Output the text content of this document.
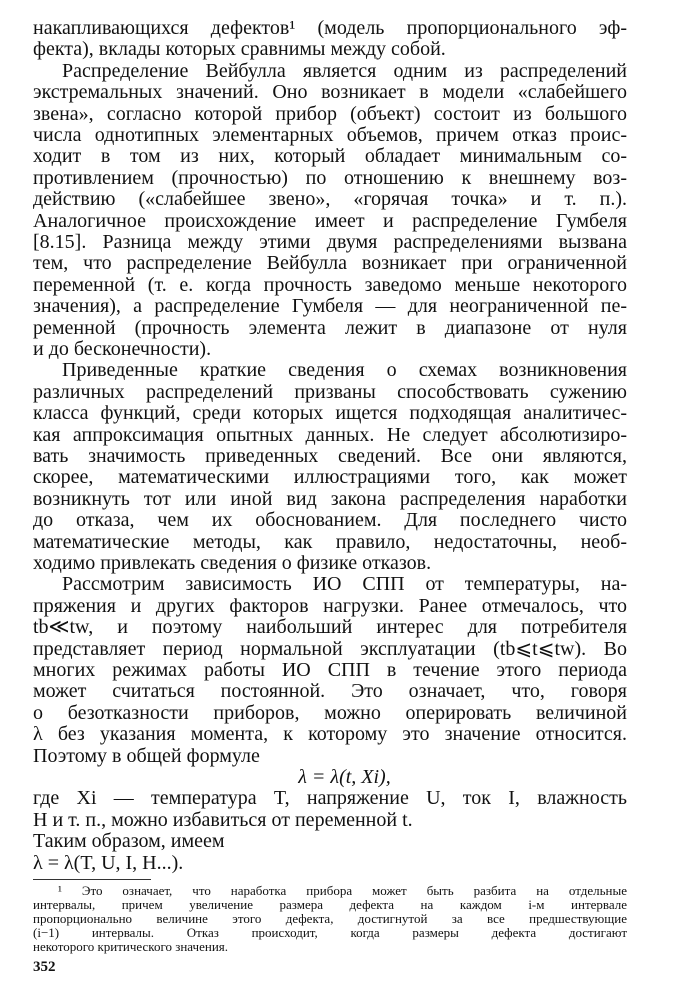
накапливающихся дефектов¹ (модель пропорционального эф-
фекта), вклады которых сравнимы между собой.
Распределение Вейбулла является одним из распределений
экстремальных значений. Оно возникает в модели «слабейшего
звена», согласно которой прибор (объект) состоит из большого
числа однотипных элементарных объемов, причем отказ проис-
ходит в том из них, который обладает минимальным со-
противлением (прочностью) по отношению к внешнему воз-
действию («слабейшее звено», «горячая точка» и т. п.).
Аналогичное происхождение имеет и распределение Гумбеля
[8.15]. Разница между этими двумя распределениями вызвана
тем, что распределение Вейбулла возникает при ограниченной
переменной (т. е. когда прочность заведомо меньше некоторого
значения), а распределение Гумбеля — для неограниченной пе-
ременной (прочность элемента лежит в диапазоне от нуля
и до бесконечности).
Приведенные краткие сведения о схемах возникновения
различных распределений призваны способствовать сужению
класса функций, среди которых ищется подходящая аналитичес-
кая аппроксимация опытных данных. Не следует абсолютизиро-
вать значимость приведенных сведений. Все они являются,
скорее, математическими иллюстрациями того, как может
возникнуть тот или иной вид закона распределения наработки
до отказа, чем их обоснованием. Для последнего чисто
математические методы, как правило, недостаточны, необ-
ходимо привлекать сведения о физике отказов.
Рассмотрим зависимость ИО СПП от температуры, на-
пряжения и других факторов нагрузки. Ранее отмечалось, что
tb≪tw, и поэтому наибольший интерес для потребителя
представляет период нормальной эксплуатации (tb⩽t⩽tw). Во
многих режимах работы ИО СПП в течение этого периода
может считаться постоянной. Это означает, что, говоря
о безотказности приборов, можно оперировать величиной
λ без указания момента, к которому это значение относится.
Поэтому в общей формуле
λ = λ(t, Xi),
где Xi — температура T, напряжение U, ток I, влажность
¹ Это означает, что наработка прибора может быть разбита на отдельные
интервалы, причем увеличение размера дефекта на каждом i-м интервале
пропорционально величине этого дефекта, достигнутой за все предшествующие
(i−1) интервалы. Отказ происходит, когда размеры дефекта достигают
некоторого критического значения.
352
H и т. п., можно избавиться от переменной t.
Таким образом, имеем
λ = λ(T, U, I, H...).
